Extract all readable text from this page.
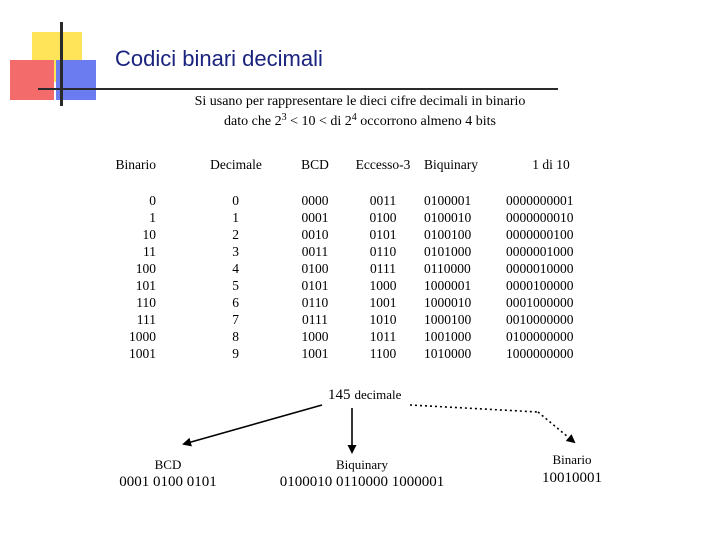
Codici binari decimali
Si usano per rappresentare le dieci cifre decimali in binario
dato che $2^3 < 10$ < di $2^4$ occorrono almeno 4 bits
Binario
0
1
10
11
100
101
110
111
1000
1001
Decimale
0
1
2
3
4
5
6
7
8
9
BCD
0000
0001
0010
0011
0100
0101
0110
0111
1000
1001
Eccesso-3
0011
0100
0101
0110
0111
1000
1001
1010
1011
1100
Biquinary
0100001
0100010
0100100
0101000
0110000
1000001
1000010
1000100
1001000
1010000
1 di 10
0000000001
0000000010
0000000100
0000001000
0000010000
0000100000
0001000000
0010000000
0100000000
1000000000
145 decimale
BCD
0001 0100 0101
Biquinary
0100010 0110000 1000001
Binario
10010001
